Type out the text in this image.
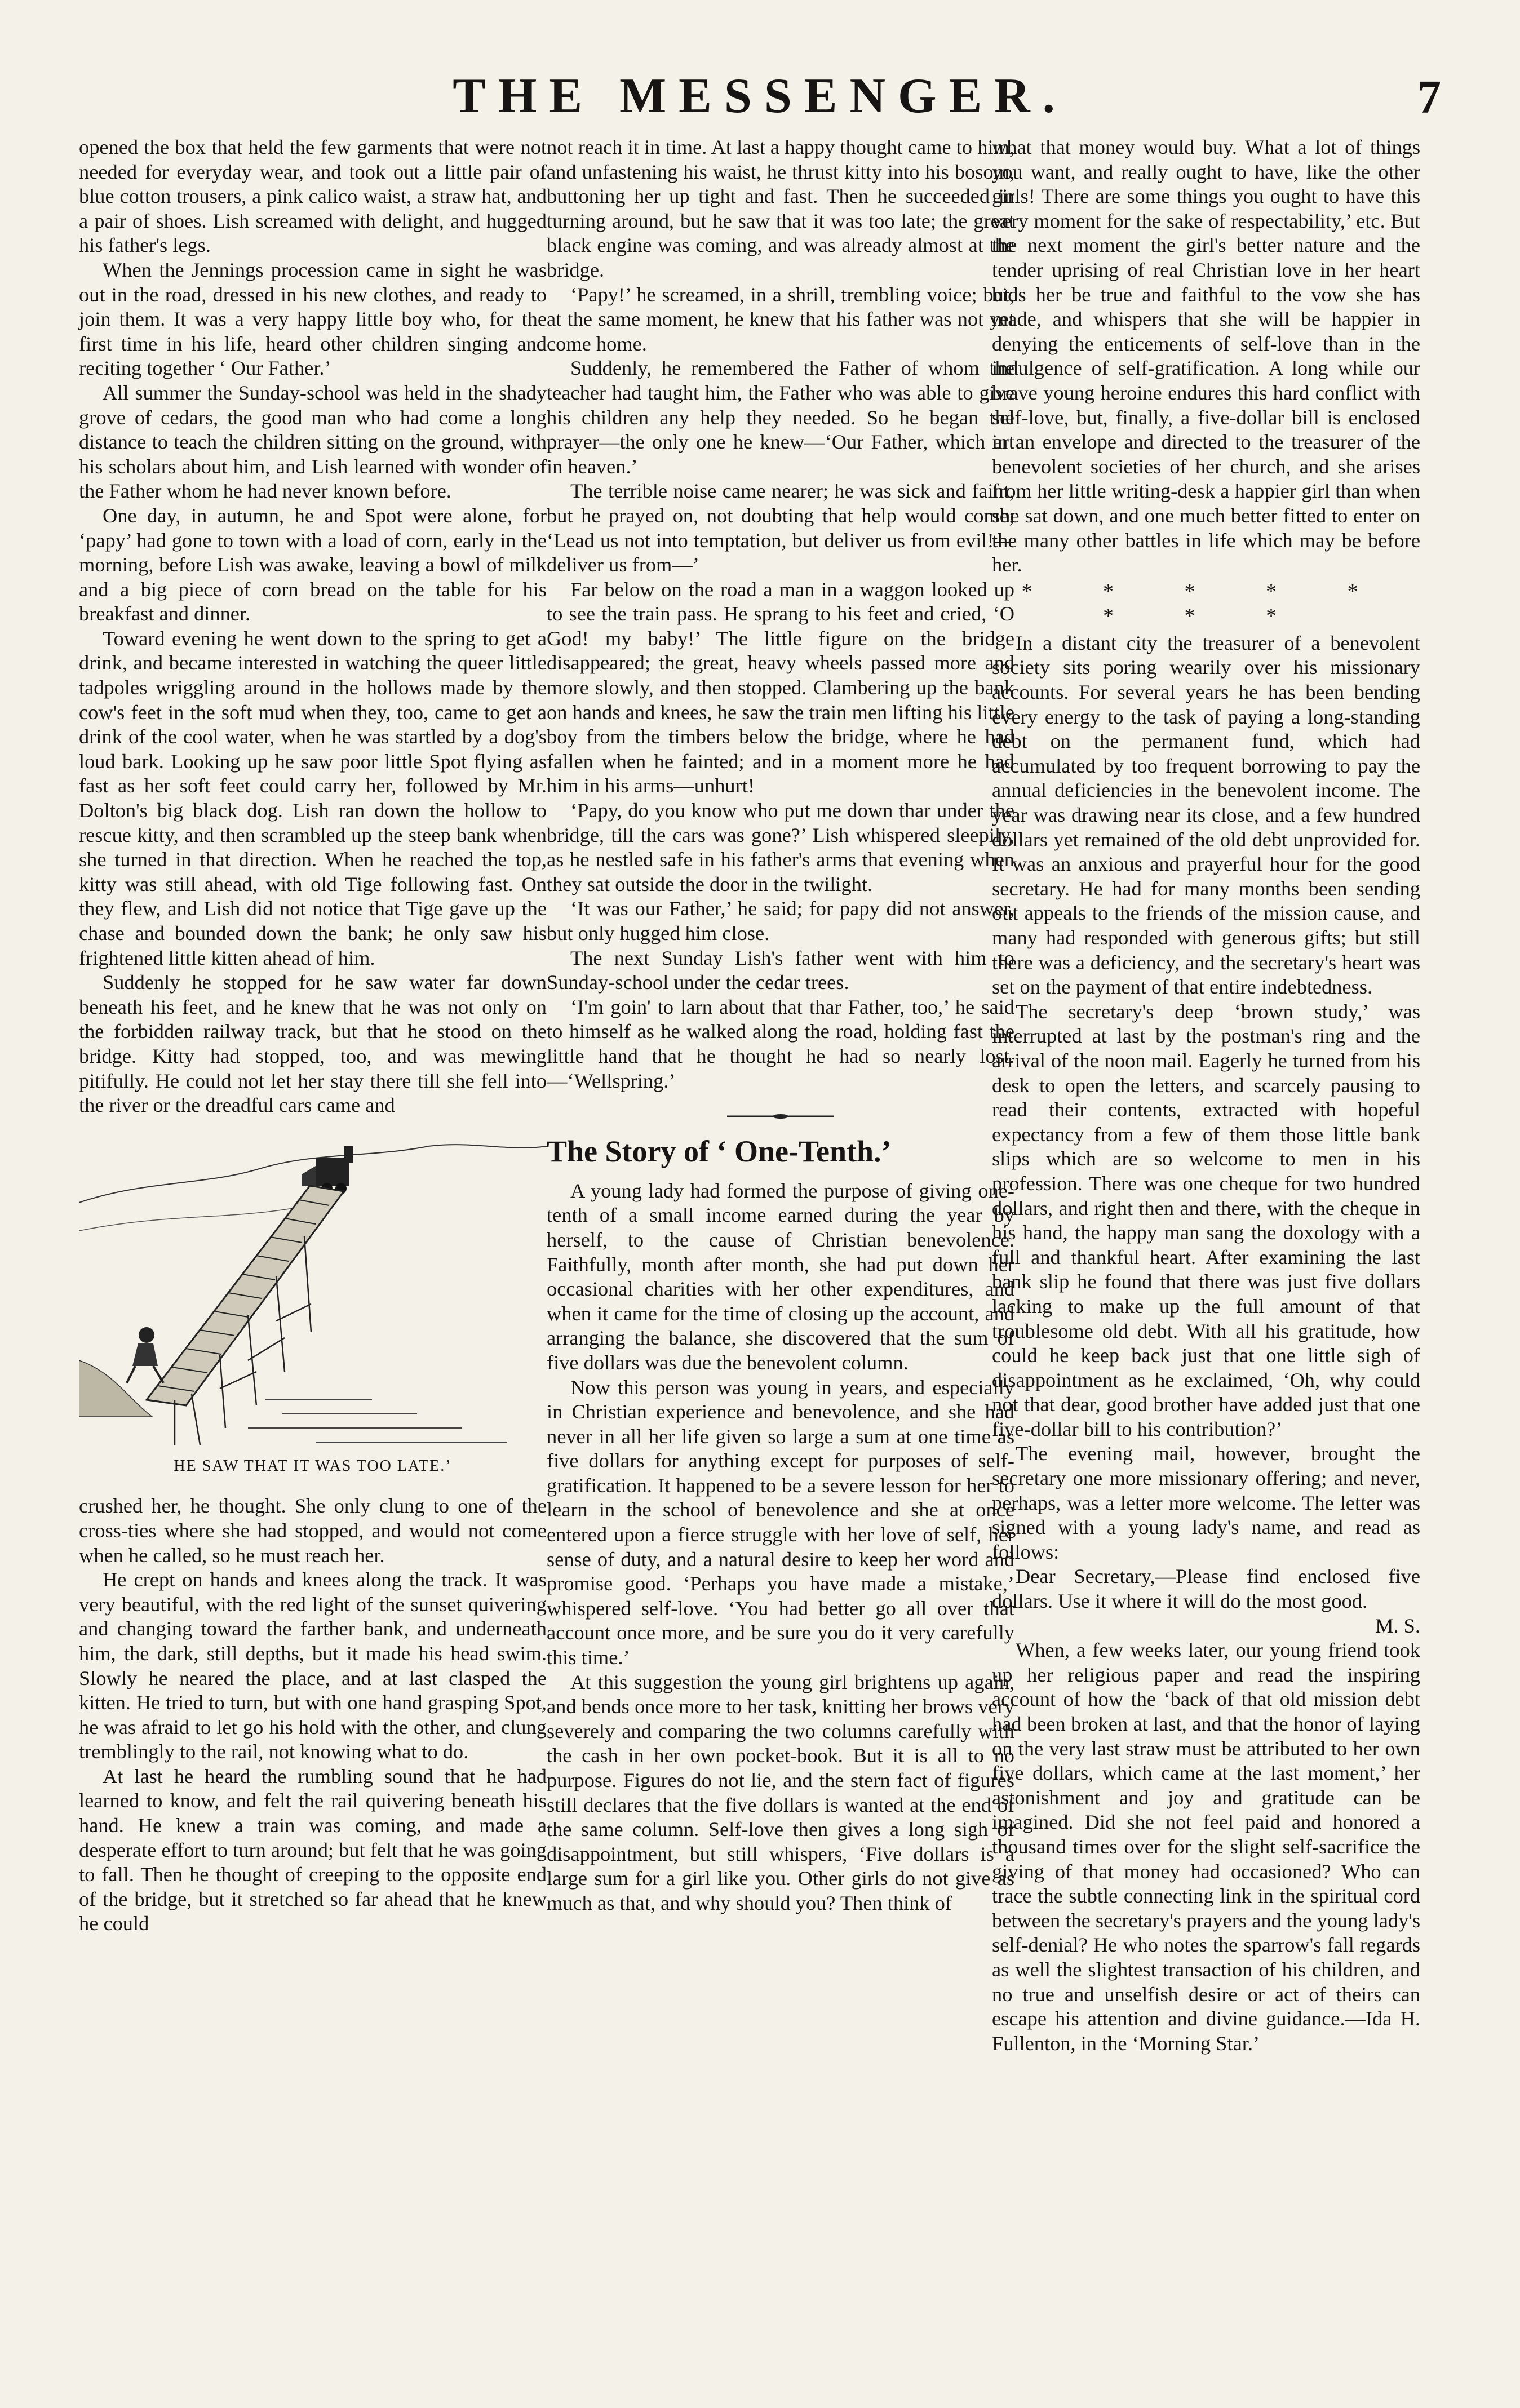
THE MESSENGER.	7

opened the box that held the few garments that were not needed for everyday wear, and took out a little pair of blue cotton trousers, a pink calico waist, a straw hat, and a pair of shoes. Lish screamed with delight, and hugged his father's legs.

When the Jennings procession came in sight he was out in the road, dressed in his new clothes, and ready to join them. It was a very happy little boy who, for the first time in his life, heard other children singing and reciting together ‘ Our Father.’

All summer the Sunday-school was held in the shady grove of cedars, the good man who had come a long distance to teach the children sitting on the ground, with his scholars about him, and Lish learned with wonder of the Father whom he had never known before.

One day, in autumn, he and Spot were alone, for ‘papy’ had gone to town with a load of corn, early in the morning, before Lish was awake, leaving a bowl of milk and a big piece of corn bread on the table for his breakfast and dinner.

Toward evening he went down to the spring to get a drink, and became interested in watching the queer little tadpoles wriggling around in the hollows made by the cow's feet in the soft mud when they, too, came to get a drink of the cool water, when he was startled by a dog's loud bark. Looking up he saw poor little Spot flying as fast as her soft feet could carry her, followed by Mr. Dolton's big black dog. Lish ran down the hollow to rescue kitty, and then scrambled up the steep bank when she turned in that direction. When he reached the top, kitty was still ahead, with old Tige following fast. On they flew, and Lish did not notice that Tige gave up the chase and bounded down the bank; he only saw his frightened little kitten ahead of him.

Suddenly he stopped for he saw water far down beneath his feet, and he knew that he was not only on the forbidden railway track, but that he stood on the bridge. Kitty had stopped, too, and was mewing pitifully. He could not let her stay there till she fell into the river or the dreadful cars came and

HE SAW THAT IT WAS TOO LATE.’

crushed her, he thought. She only clung to one of the cross-ties where she had stopped, and would not come when he called, so he must reach her.

He crept on hands and knees along the track. It was very beautiful, with the red light of the sunset quivering and changing toward the farther bank, and underneath him, the dark, still depths, but it made his head swim. Slowly he neared the place, and at last clasped the kitten. He tried to turn, but with one hand grasping Spot, he was afraid to let go his hold with the other, and clung tremblingly to the rail, not knowing what to do.

At last he heard the rumbling sound that he had learned to know, and felt the rail quivering beneath his hand. He knew a train was coming, and made a desperate effort to turn around; but felt that he was going to fall. Then he thought of creeping to the opposite end of the bridge, but it stretched so far ahead that he knew he could

not reach it in time. At last a happy thought came to him, and unfastening his waist, he thrust kitty into his bosom, buttoning her up tight and fast. Then he succeeded in turning around, but he saw that it was too late; the great black engine was coming, and was already almost at the bridge.

‘Papy!’ he screamed, in a shrill, trembling voice; but, at the same moment, he knew that his father was not yet come home.

Suddenly, he remembered the Father of whom the teacher had taught him, the Father who was able to give his children any help they needed. So he began the prayer—the only one he knew—‘Our Father, which art in heaven.’

The terrible noise came nearer; he was sick and faint, but he prayed on, not doubting that help would come; ‘Lead us not into temptation, but deliver us from evil!—deliver us from—’

Far below on the road a man in a waggon looked up to see the train pass. He sprang to his feet and cried, ‘O God! my baby!’ The little figure on the bridge disappeared; the great, heavy wheels passed more and more slowly, and then stopped. Clambering up the bank on hands and knees, he saw the train men lifting his little boy from the timbers below the bridge, where he had fallen when he fainted; and in a moment more he had him in his arms—unhurt!

‘Papy, do you know who put me down thar under the bridge, till the cars was gone?’ Lish whispered sleepily, as he nestled safe in his father's arms that evening when they sat outside the door in the twilight.

‘It was our Father,’ he said; for papy did not answer, but only hugged him close.

The next Sunday Lish's father went with him to Sunday-school under the cedar trees.

‘I'm goin' to larn about that thar Father, too,’ he said to himself as he walked along the road, holding fast the little hand that he thought he had so nearly lost.—‘Wellspring.’

The Story of ‘ One-Tenth.’

A young lady had formed the purpose of giving one-tenth of a small income earned during the year by herself, to the cause of Christian benevolence. Faithfully, month after month, she had put down her occasional charities with her other expenditures, and when it came for the time of closing up the account, and arranging the balance, she discovered that the sum of five dollars was due the benevolent column.

Now this person was young in years, and especially in Christian experience and benevolence, and she had never in all her life given so large a sum at one time as five dollars for anything except for purposes of self-gratification. It happened to be a severe lesson for her to learn in the school of benevolence and she at once entered upon a fierce struggle with her love of self, her sense of duty, and a natural desire to keep her word and promise good. ‘Perhaps you have made a mistake,’ whispered self-love. ‘You had better go all over that account once more, and be sure you do it very carefully this time.’

At this suggestion the young girl brightens up again, and bends once more to her task, knitting her brows very severely and comparing the two columns carefully with the cash in her own pocket-book. But it is all to no purpose. Figures do not lie, and the stern fact of figures still declares that the five dollars is wanted at the end of the same column. Self-love then gives a long sigh of disappointment, but still whispers, ‘Five dollars is a large sum for a girl like you. Other girls do not give as much as that, and why should you? Then think of

what that money would buy. What a lot of things you want, and really ought to have, like the other girls! There are some things you ought to have this very moment for the sake of respectability,’ etc. But the next moment the girl's better nature and the tender uprising of real Christian love in her heart bids her be true and faithful to the vow she has made, and whispers that she will be happier in denying the enticements of self-love than in the indulgence of self-gratification. A long while our brave young heroine endures this hard conflict with self-love, but, finally, a five-dollar bill is enclosed in an envelope and directed to the treasurer of the benevolent societies of her church, and she arises from her little writing-desk a happier girl than when she sat down, and one much better fitted to enter on the many other battles in life which may be before her.

* * * * * * * *

In a distant city the treasurer of a benevolent society sits poring wearily over his missionary accounts. For several years he has been bending every energy to the task of paying a long-standing debt on the permanent fund, which had accumulated by too frequent borrowing to pay the annual deficiencies in the benevolent income. The year was drawing near its close, and a few hundred dollars yet remained of the old debt unprovided for. It was an anxious and prayerful hour for the good secretary. He had for many months been sending out appeals to the friends of the mission cause, and many had responded with generous gifts; but still there was a deficiency, and the secretary's heart was set on the payment of that entire indebtedness.

The secretary's deep ‘brown study,’ was interrupted at last by the postman's ring and the arrival of the noon mail. Eagerly he turned from his desk to open the letters, and scarcely pausing to read their contents, extracted with hopeful expectancy from a few of them those little bank slips which are so welcome to men in his profession. There was one cheque for two hundred dollars, and right then and there, with the cheque in his hand, the happy man sang the doxology with a full and thankful heart. After examining the last bank slip he found that there was just five dollars lacking to make up the full amount of that troublesome old debt. With all his gratitude, how could he keep back just that one little sigh of disappointment as he exclaimed, ‘Oh, why could not that dear, good brother have added just that one five-dollar bill to his contribution?’

The evening mail, however, brought the secretary one more missionary offering; and never, perhaps, was a letter more welcome. The letter was signed with a young lady's name, and read as follows:

Dear Secretary,—Please find enclosed five dollars. Use it where it will do the most good.

M. S.

When, a few weeks later, our young friend took up her religious paper and read the inspiring account of how the ‘back of that old mission debt had been broken at last, and that the honor of laying on the very last straw must be attributed to her own five dollars, which came at the last moment,’ her astonishment and joy and gratitude can be imagined. Did she not feel paid and honored a thousand times over for the slight self-sacrifice the giving of that money had occasioned? Who can trace the subtle connecting link in the spiritual cord between the secretary's prayers and the young lady's self-denial? He who notes the sparrow's fall regards as well the slightest transaction of his children, and no true and unselfish desire or act of theirs can escape his attention and divine guidance.—Ida H. Fullenton, in the ‘Morning Star.’
